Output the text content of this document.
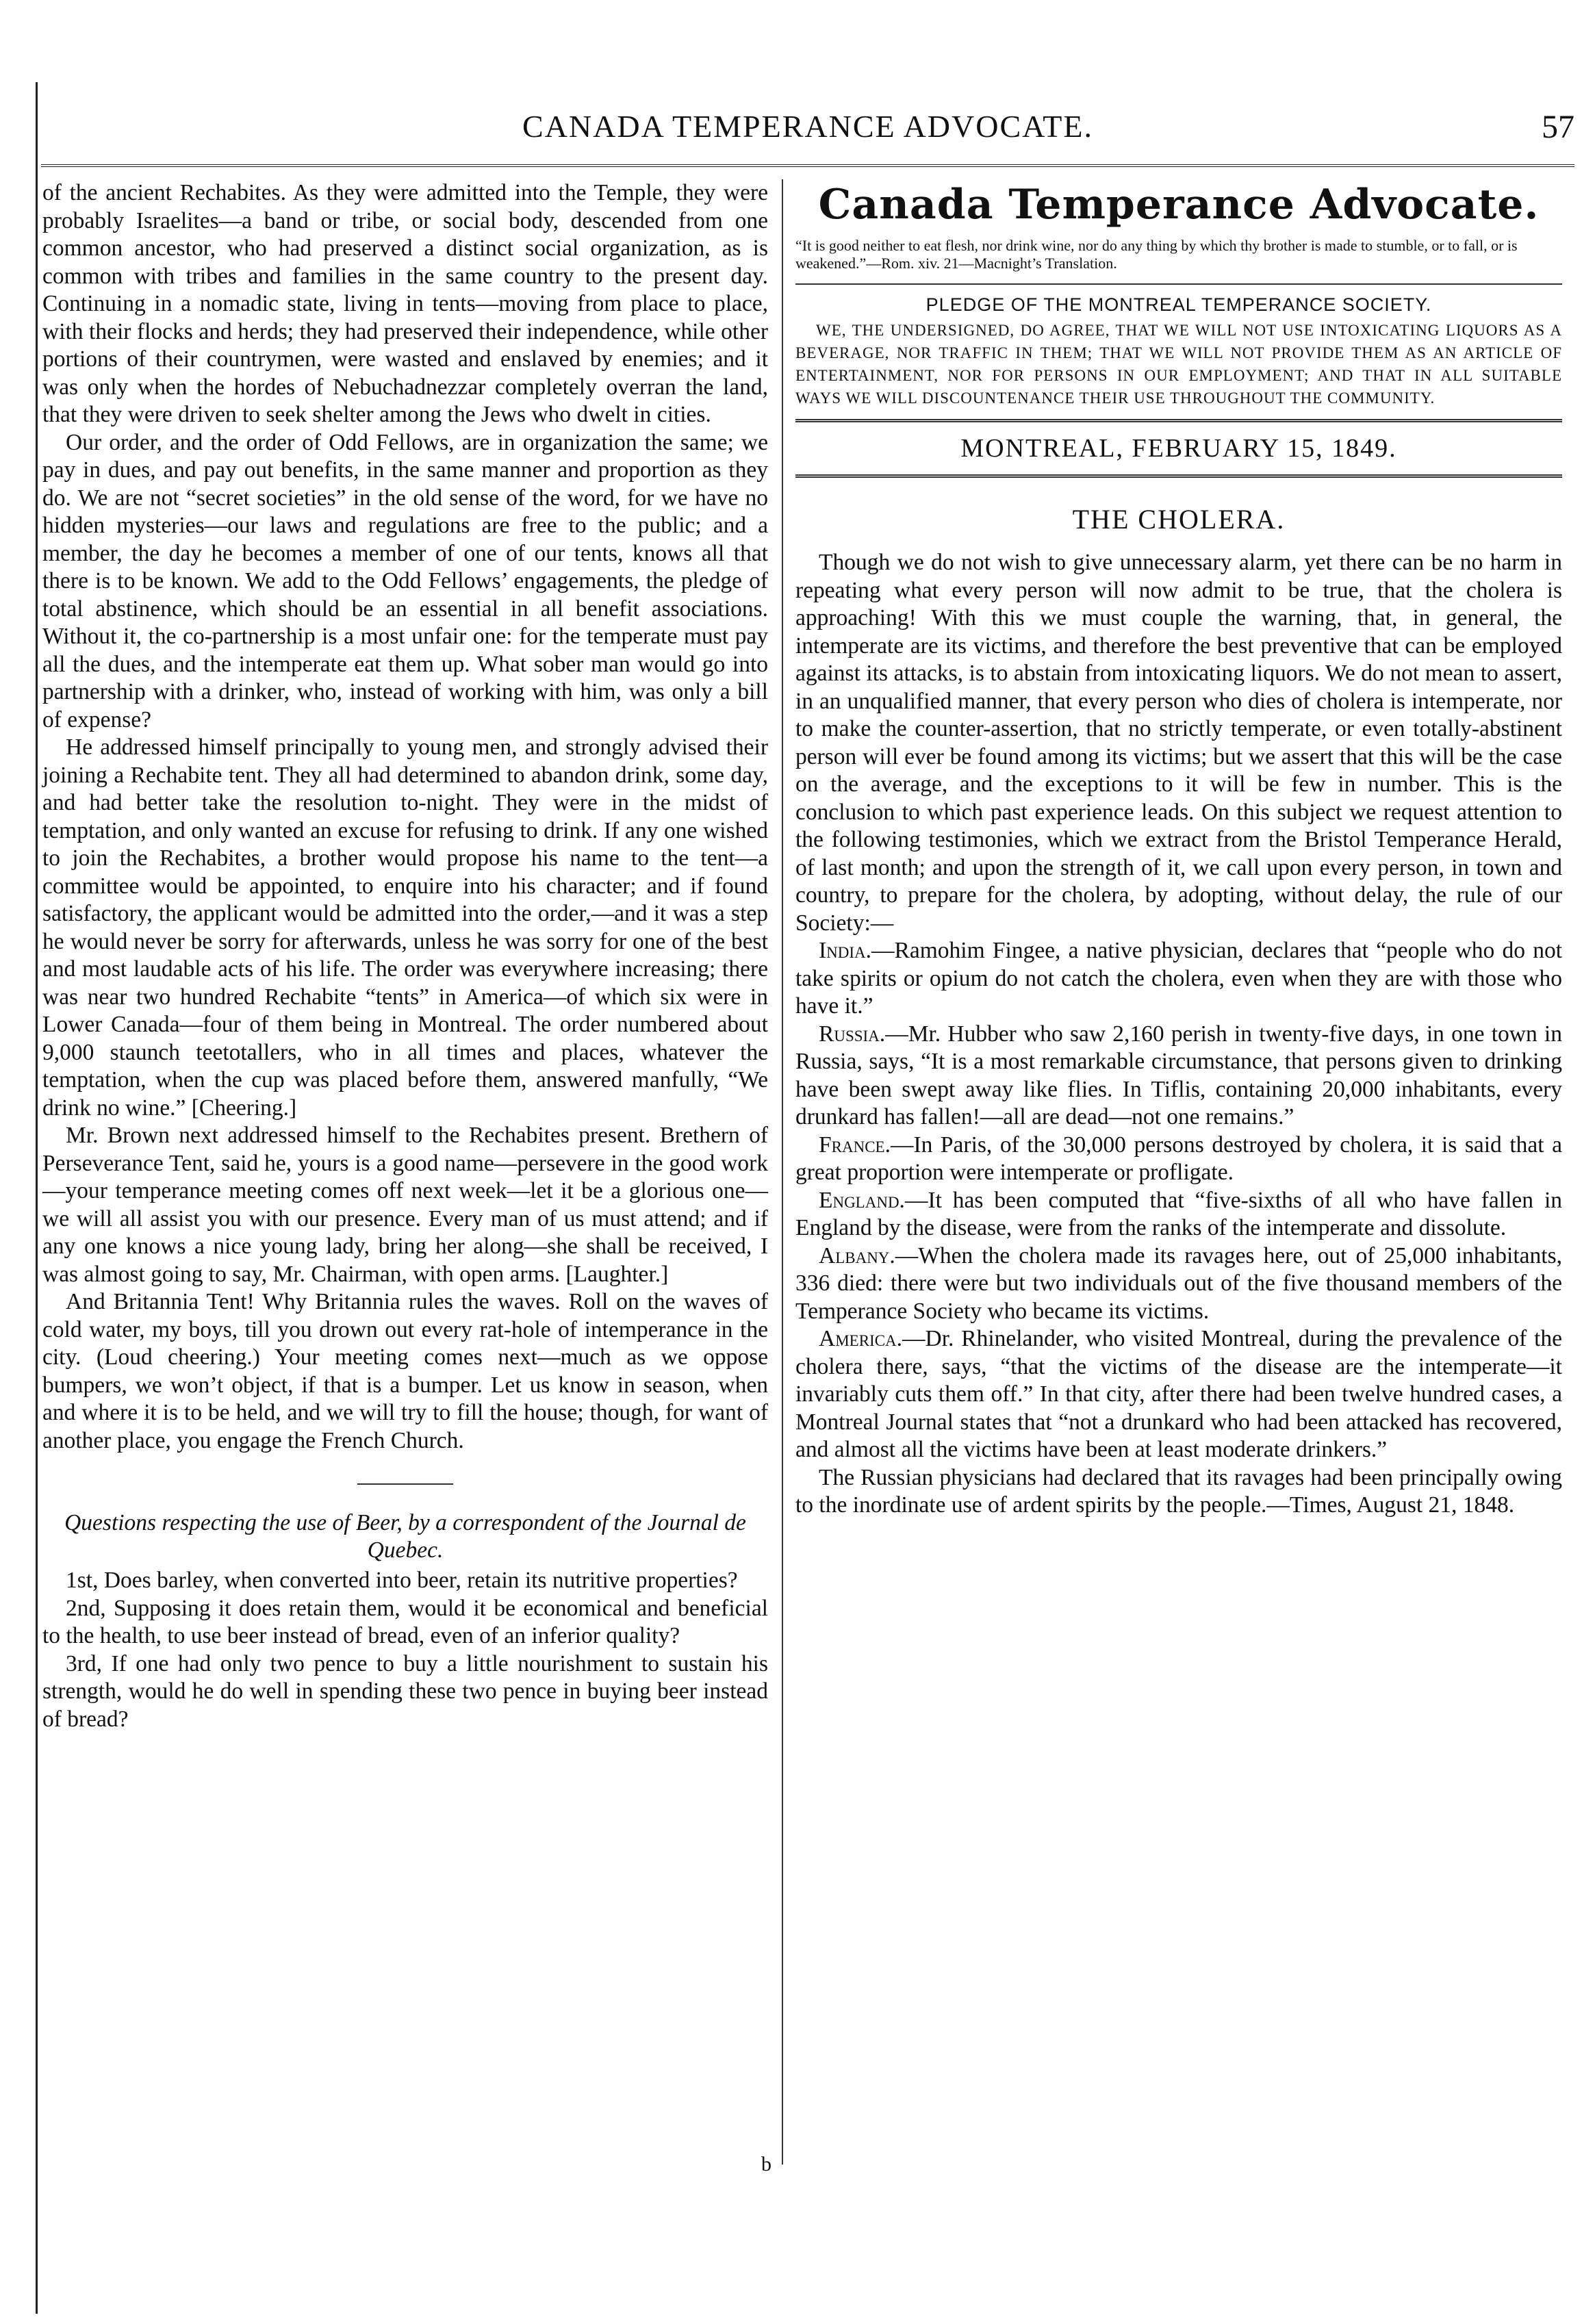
CANADA TEMPERANCE ADVOCATE.	57

of the ancient Rechabites. As they were admitted into the Temple, they were probably Israelites—a band or tribe, or social body, descended from one common ancestor, who had preserved a distinct social organization, as is common with tribes and families in the same country to the present day. Continuing in a nomadic state, living in tents—moving from place to place, with their flocks and herds; they had preserved their independence, while other portions of their countrymen, were wasted and enslaved by enemies; and it was only when the hordes of Nebuchadnezzar completely overran the land, that they were driven to seek shelter among the Jews who dwelt in cities.

Our order, and the order of Odd Fellows, are in organization the same; we pay in dues, and pay out benefits, in the same manner and proportion as they do. We are not “secret societies” in the old sense of the word, for we have no hidden mysteries—our laws and regulations are free to the public; and a member, the day he becomes a member of one of our tents, knows all that there is to be known. We add to the Odd Fellows’ engagements, the pledge of total abstinence, which should be an essential in all benefit associations. Without it, the co-partnership is a most unfair one: for the temperate must pay all the dues, and the intemperate eat them up. What sober man would go into partnership with a drinker, who, instead of working with him, was only a bill of expense?

He addressed himself principally to young men, and strongly advised their joining a Rechabite tent. They all had determined to abandon drink, some day, and had better take the resolution to-night. They were in the midst of temptation, and only wanted an excuse for refusing to drink. If any one wished to join the Rechabites, a brother would propose his name to the tent—a committee would be appointed, to enquire into his character; and if found satisfactory, the applicant would be admitted into the order,—and it was a step he would never be sorry for afterwards, unless he was sorry for one of the best and most laudable acts of his life. The order was everywhere increasing; there was near two hundred Rechabite “tents” in America—of which six were in Lower Canada—four of them being in Montreal. The order numbered about 9,000 staunch teetotallers, who in all times and places, whatever the temptation, when the cup was placed before them, answered manfully, “We drink no wine.” [Cheering.]

Mr. Brown next addressed himself to the Rechabites present. Brethern of Perseverance Tent, said he, yours is a good name—persevere in the good work—your temperance meeting comes off next week—let it be a glorious one—we will all assist you with our presence. Every man of us must attend; and if any one knows a nice young lady, bring her along—she shall be received, I was almost going to say, Mr. Chairman, with open arms. [Laughter.]

And Britannia Tent! Why Britannia rules the waves. Roll on the waves of cold water, my boys, till you drown out every rat-hole of intemperance in the city. (Loud cheering.) Your meeting comes next—much as we oppose bumpers, we won’t object, if that is a bumper. Let us know in season, when and where it is to be held, and we will try to fill the house; though, for want of another place, you engage the French Church.

Questions respecting the use of Beer, by a correspondent of the Journal de Quebec.

1st, Does barley, when converted into beer, retain its nutritive properties?

2nd, Supposing it does retain them, would it be economical and beneficial to the health, to use beer instead of bread, even of an inferior quality?

3rd, If one had only two pence to buy a little nourishment to sustain his strength, would he do well in spending these two pence in buying beer instead of bread?

Canada Temperance Advocate.

“It is good neither to eat flesh, nor drink wine, nor do any thing by which thy brother is made to stumble, or to fall, or is weakened.”—Rom. xiv. 21—Macnight’s Translation.

PLEDGE OF THE MONTREAL TEMPERANCE SOCIETY.

WE, THE UNDERSIGNED, DO AGREE, THAT WE WILL NOT USE INTOXICATING LIQUORS AS A BEVERAGE, NOR TRAFFIC IN THEM; THAT WE WILL NOT PROVIDE THEM AS AN ARTICLE OF ENTERTAINMENT, NOR FOR PERSONS IN OUR EMPLOYMENT; AND THAT IN ALL SUITABLE WAYS WE WILL DISCOUNTENANCE THEIR USE THROUGHOUT THE COMMUNITY.

MONTREAL, FEBRUARY 15, 1849.
THE CHOLERA.

Though we do not wish to give unnecessary alarm, yet there can be no harm in repeating what every person will now admit to be true, that the cholera is approaching! With this we must couple the warning, that, in general, the intemperate are its victims, and therefore the best preventive that can be employed against its attacks, is to abstain from intoxicating liquors. We do not mean to assert, in an unqualified manner, that every person who dies of cholera is intemperate, nor to make the counter-assertion, that no strictly temperate, or even totally-abstinent person will ever be found among its victims; but we assert that this will be the case on the average, and the exceptions to it will be few in number. This is the conclusion to which past experience leads. On this subject we request attention to the following testimonies, which we extract from the Bristol Temperance Herald, of last month; and upon the strength of it, we call upon every person, in town and country, to prepare for the cholera, by adopting, without delay, the rule of our Society:—

India.—Ramohim Fingee, a native physician, declares that “people who do not take spirits or opium do not catch the cholera, even when they are with those who have it.”

Russia.—Mr. Hubber who saw 2,160 perish in twenty-five days, in one town in Russia, says, “It is a most remarkable circumstance, that persons given to drinking have been swept away like flies. In Tiflis, containing 20,000 inhabitants, every drunkard has fallen!—all are dead—not one remains.”

France.—In Paris, of the 30,000 persons destroyed by cholera, it is said that a great proportion were intemperate or profligate.

England.—It has been computed that “five-sixths of all who have fallen in England by the disease, were from the ranks of the intemperate and dissolute.

Albany.—When the cholera made its ravages here, out of 25,000 inhabitants, 336 died: there were but two individuals out of the five thousand members of the Temperance Society who became its victims.

America.—Dr. Rhinelander, who visited Montreal, during the prevalence of the cholera there, says, “that the victims of the disease are the intemperate—it invariably cuts them off.” In that city, after there had been twelve hundred cases, a Montreal Journal states that “not a drunkard who had been attacked has recovered, and almost all the victims have been at least moderate drinkers.”

The Russian physicians had declared that its ravages had been principally owing to the inordinate use of ardent spirits by the people.—Times, August 21, 1848.

b
